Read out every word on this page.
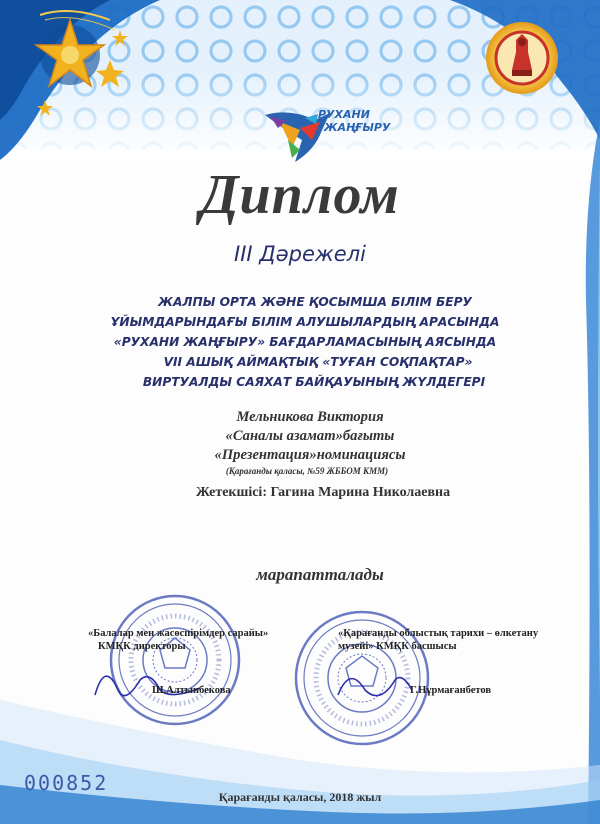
РУХАНИ
ЖАҢҒЫРУ
Диплом
III Дәрежелі
ЖАЛПЫ ОРТА ЖӘНЕ ҚОСЫМША БІЛІМ БЕРУ
ҰЙЫМДАРЫНДАҒЫ БІЛІМ АЛУШЫЛАРДЫҢ АРАСЫНДА
«РУХАНИ ЖАҢҒЫРУ» БАҒДАРЛАМАСЫНЫҢ АЯСЫНДА
VII АШЫҚ АЙМАҚТЫҚ «ТУҒАН СОҚПАҚТАР»
ВИРТУАЛДЫ САЯХАТ БАЙҚАУЫНЫҢ ЖҮЛДЕГЕРІ
Мельникова Виктория
«Саналы азамат»бағыты
«Презентация»номинациясы
(Қарағанды қаласы, №59 ЖББОМ КММ)
Жетекшісі: Гагина Марина Николаевна
марапатталады
«Балалар мен жасөспірімдер сарайы»
КМҚК директоры
Ш.Алтынбекова
«Қарағанды облыстық тарихи – өлкетану
музейі» КМҚК басшысы
Г.Нұрмағанбетов
000852
Қарағанды қаласы, 2018 жыл
